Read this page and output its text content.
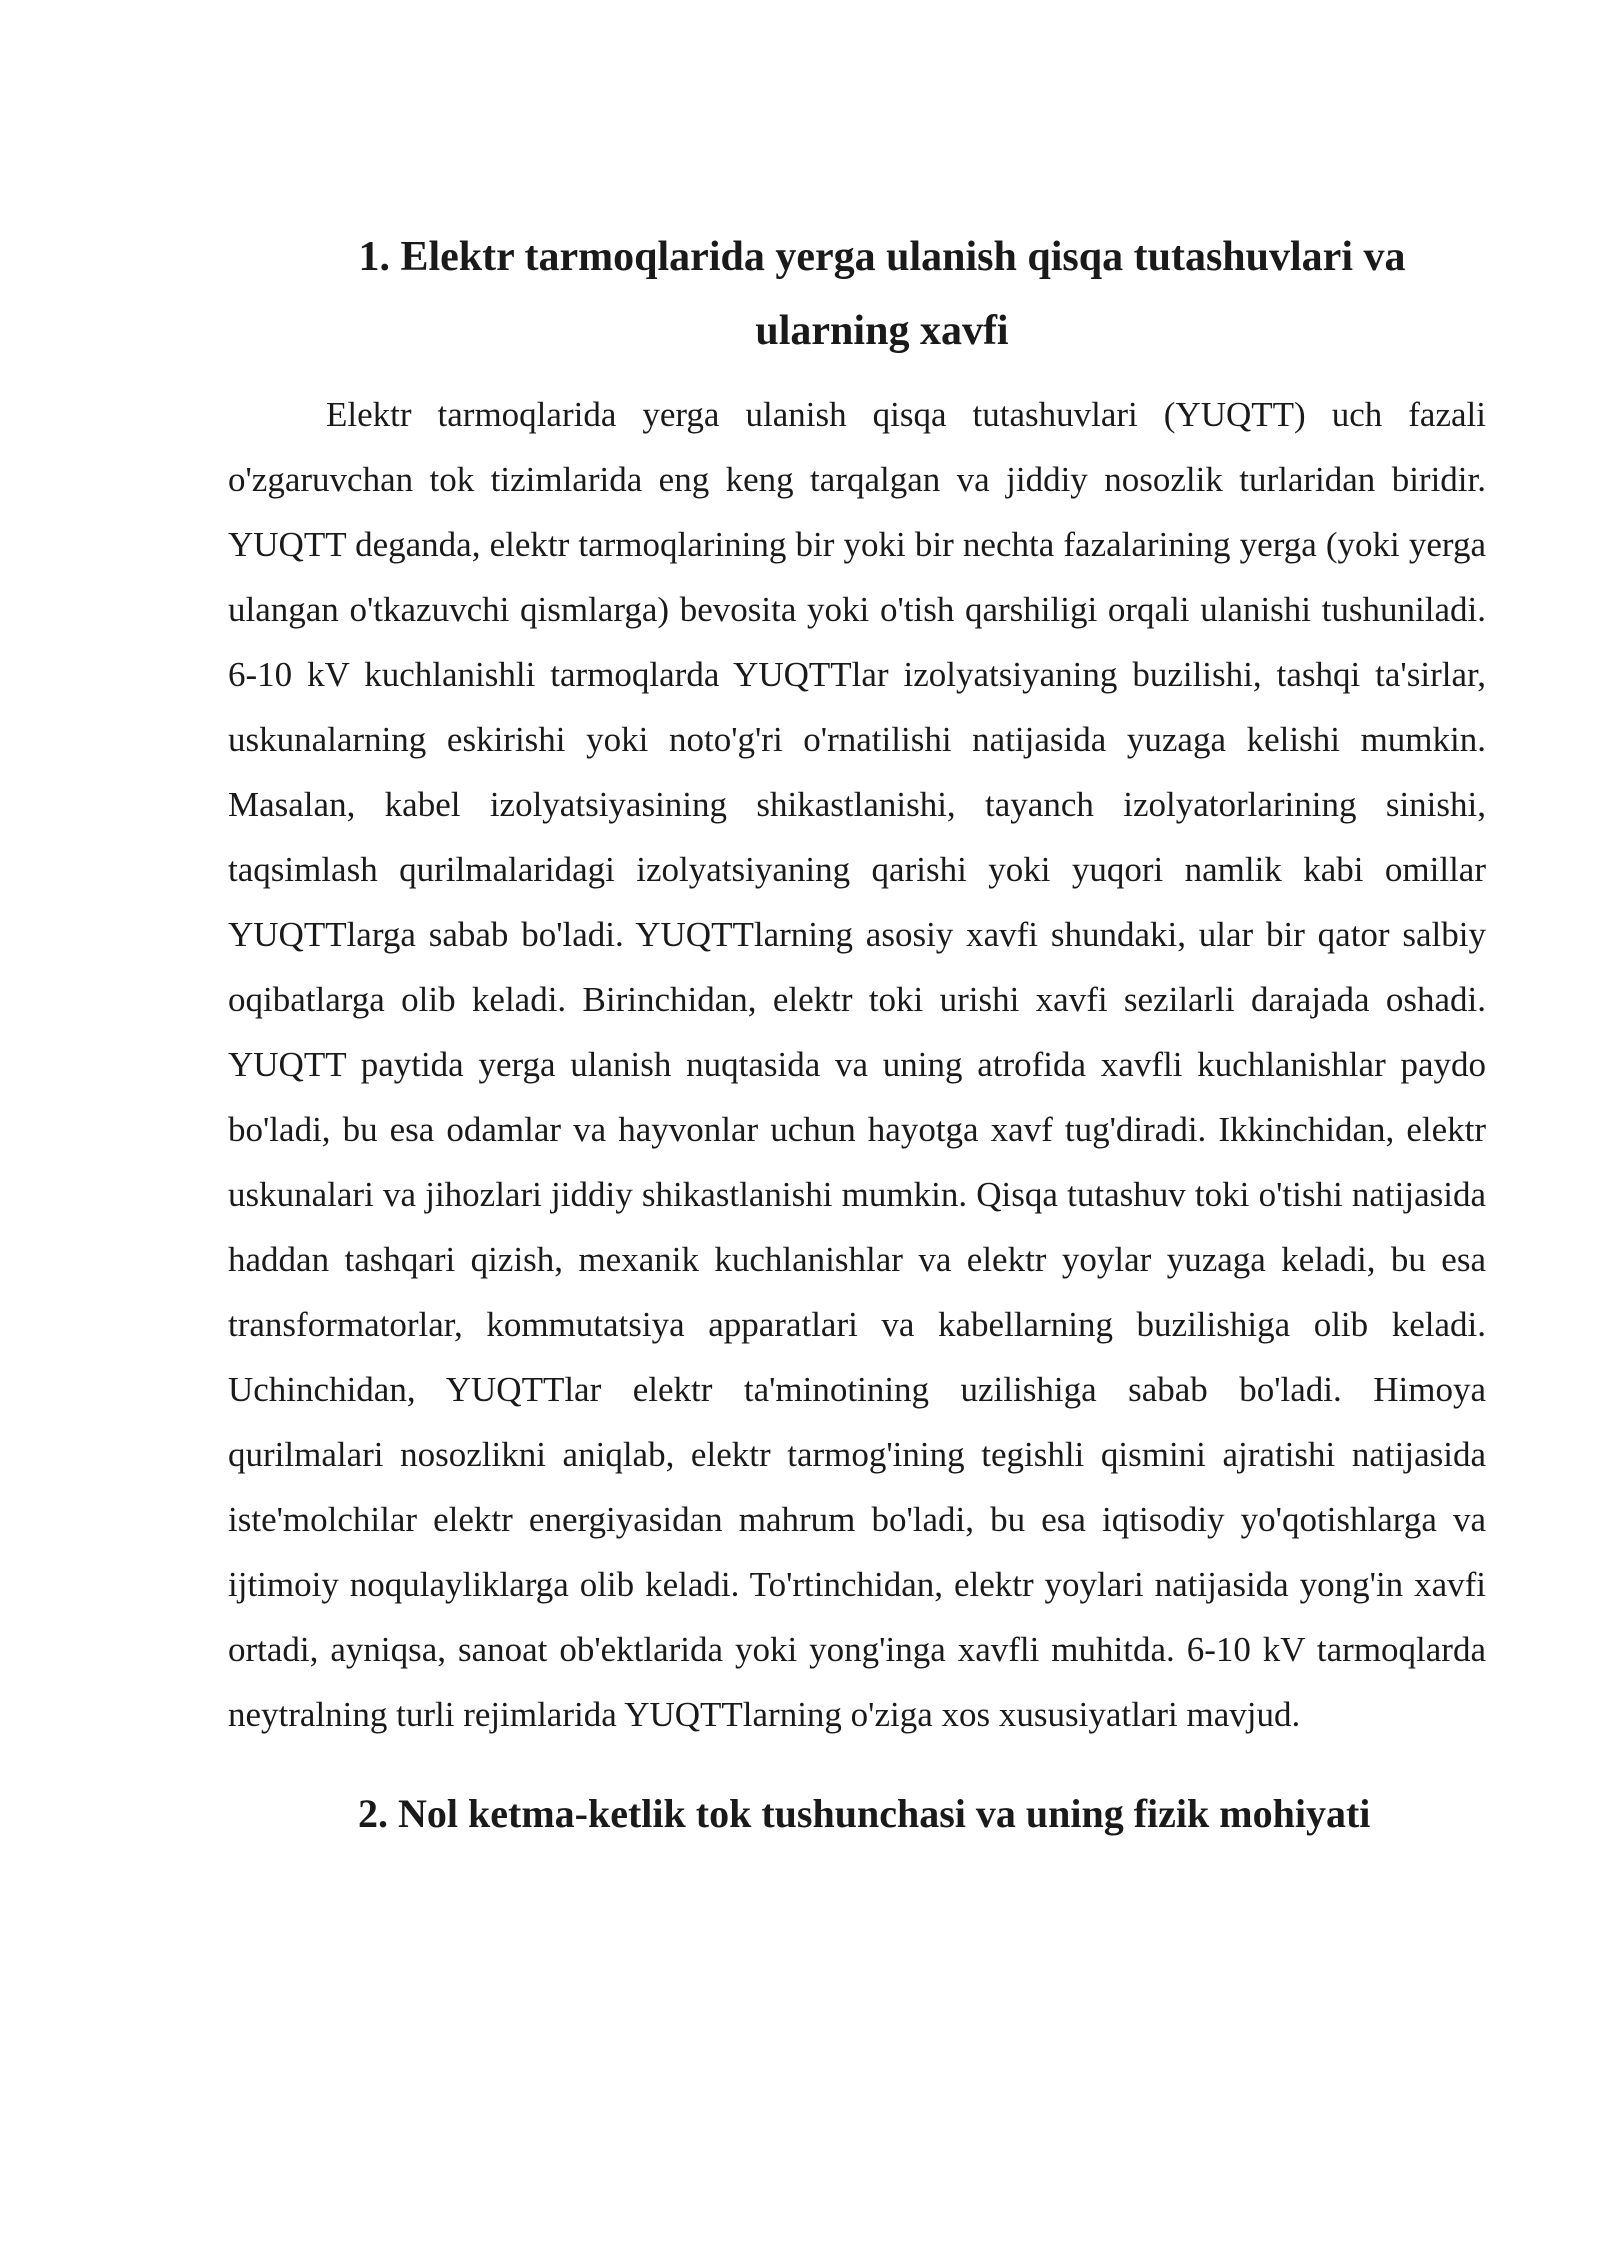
1. Elektr tarmoqlarida yerga ulanish qisqa tutashuvlari va ularning xavfi

Elektr tarmoqlarida yerga ulanish qisqa tutashuvlari (YUQTT) uch fazali o'zgaruvchan tok tizimlarida eng keng tarqalgan va jiddiy nosozlik turlaridan biridir. YUQTT deganda, elektr tarmoqlarining bir yoki bir nechta fazalarining yerga (yoki yerga ulangan o'tkazuvchi qismlarga) bevosita yoki o'tish qarshiligi orqali ulanishi tushuniladi. 6-10 kV kuchlanishli tarmoqlarda YUQTTlar izolyatsiyaning buzilishi, tashqi ta'sirlar, uskunalarning eskirishi yoki noto'g'ri o'rnatilishi natijasida yuzaga kelishi mumkin. Masalan, kabel izolyatsiyasining shikastlanishi, tayanch izolyatorlarining sinishi, taqsimlash qurilmalaridagi izolyatsiyaning qarishi yoki yuqori namlik kabi omillar YUQTTlarga sabab bo'ladi. YUQTTlarning asosiy xavfi shundaki, ular bir qator salbiy oqibatlarga olib keladi. Birinchidan, elektr toki urishi xavfi sezilarli darajada oshadi. YUQTT paytida yerga ulanish nuqtasida va uning atrofida xavfli kuchlanishlar paydo bo'ladi, bu esa odamlar va hayvonlar uchun hayotga xavf tug'diradi. Ikkinchidan, elektr uskunalari va jihozlari jiddiy shikastlanishi mumkin. Qisqa tutashuv toki o'tishi natijasida haddan tashqari qizish, mexanik kuchlanishlar va elektr yoylar yuzaga keladi, bu esa transformatorlar, kommutatsiya apparatlari va kabellarning buzilishiga olib keladi. Uchinchidan, YUQTTlar elektr ta'minotining uzilishiga sabab bo'ladi. Himoya qurilmalari nosozlikni aniqlab, elektr tarmog'ining tegishli qismini ajratishi natijasida iste'molchilar elektr energiyasidan mahrum bo'ladi, bu esa iqtisodiy yo'qotishlarga va ijtimoiy noqulayliklarga olib keladi. To'rtinchidan, elektr yoylari natijasida yong'in xavfi ortadi, ayniqsa, sanoat ob'ektlarida yoki yong'inga xavfli muhitda. 6-10 kV tarmoqlarda neytralning turli rejimlarida YUQTTlarning o'ziga xos xususiyatlari mavjud.

2. Nol ketma-ketlik tok tushunchasi va uning fizik mohiyati
